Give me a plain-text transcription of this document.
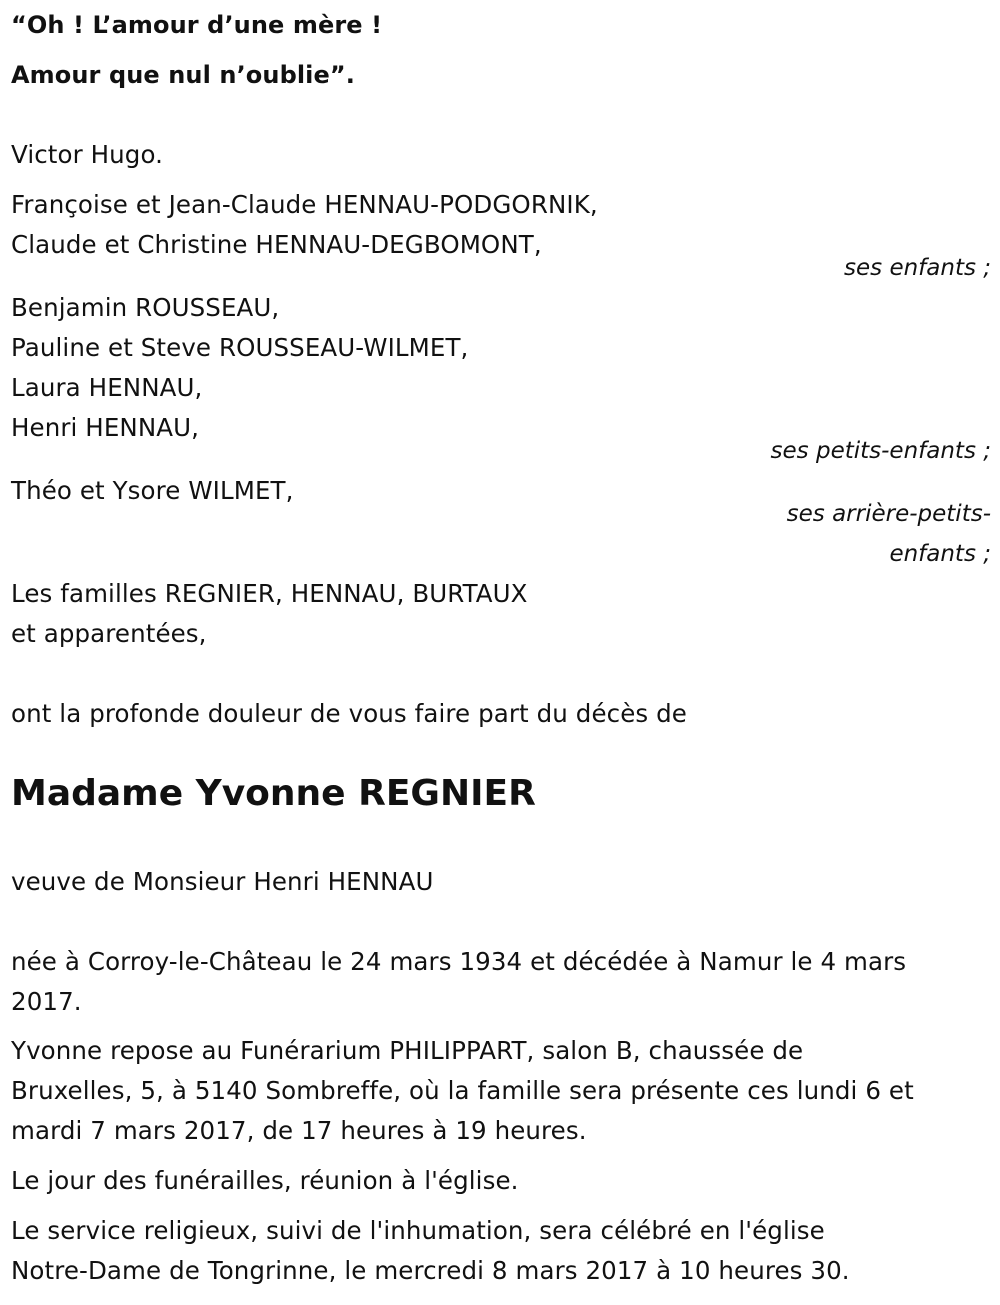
“Oh ! L’amour d’une mère !
Amour que nul n’oublie”.
Victor Hugo.
Françoise et Jean-Claude HENNAU-PODGORNIK,
Claude et Christine HENNAU-DEGBOMONT,
ses enfants ;
Benjamin ROUSSEAU,
Pauline et Steve ROUSSEAU-WILMET,
Laura HENNAU,
Henri HENNAU,
ses petits-enfants ;
Théo et Ysore WILMET,
ses arrière-petits-
enfants ;
Les familles REGNIER, HENNAU, BURTAUX
et apparentées,
ont la profonde douleur de vous faire part du décès de
Madame Yvonne REGNIER
veuve de Monsieur Henri HENNAU
née à Corroy-le-Château le 24 mars 1934 et décédée à Namur le 4 mars
2017.
Yvonne repose au Funérarium PHILIPPART, salon B, chaussée de
Bruxelles, 5, à 5140 Sombreffe, où la famille sera présente ces lundi 6 et
mardi 7 mars 2017, de 17 heures à 19 heures.
Le jour des funérailles, réunion à l'église.
Le service religieux, suivi de l'inhumation, sera célébré en l'église
Notre-Dame de Tongrinne, le mercredi 8 mars 2017 à 10 heures 30.
